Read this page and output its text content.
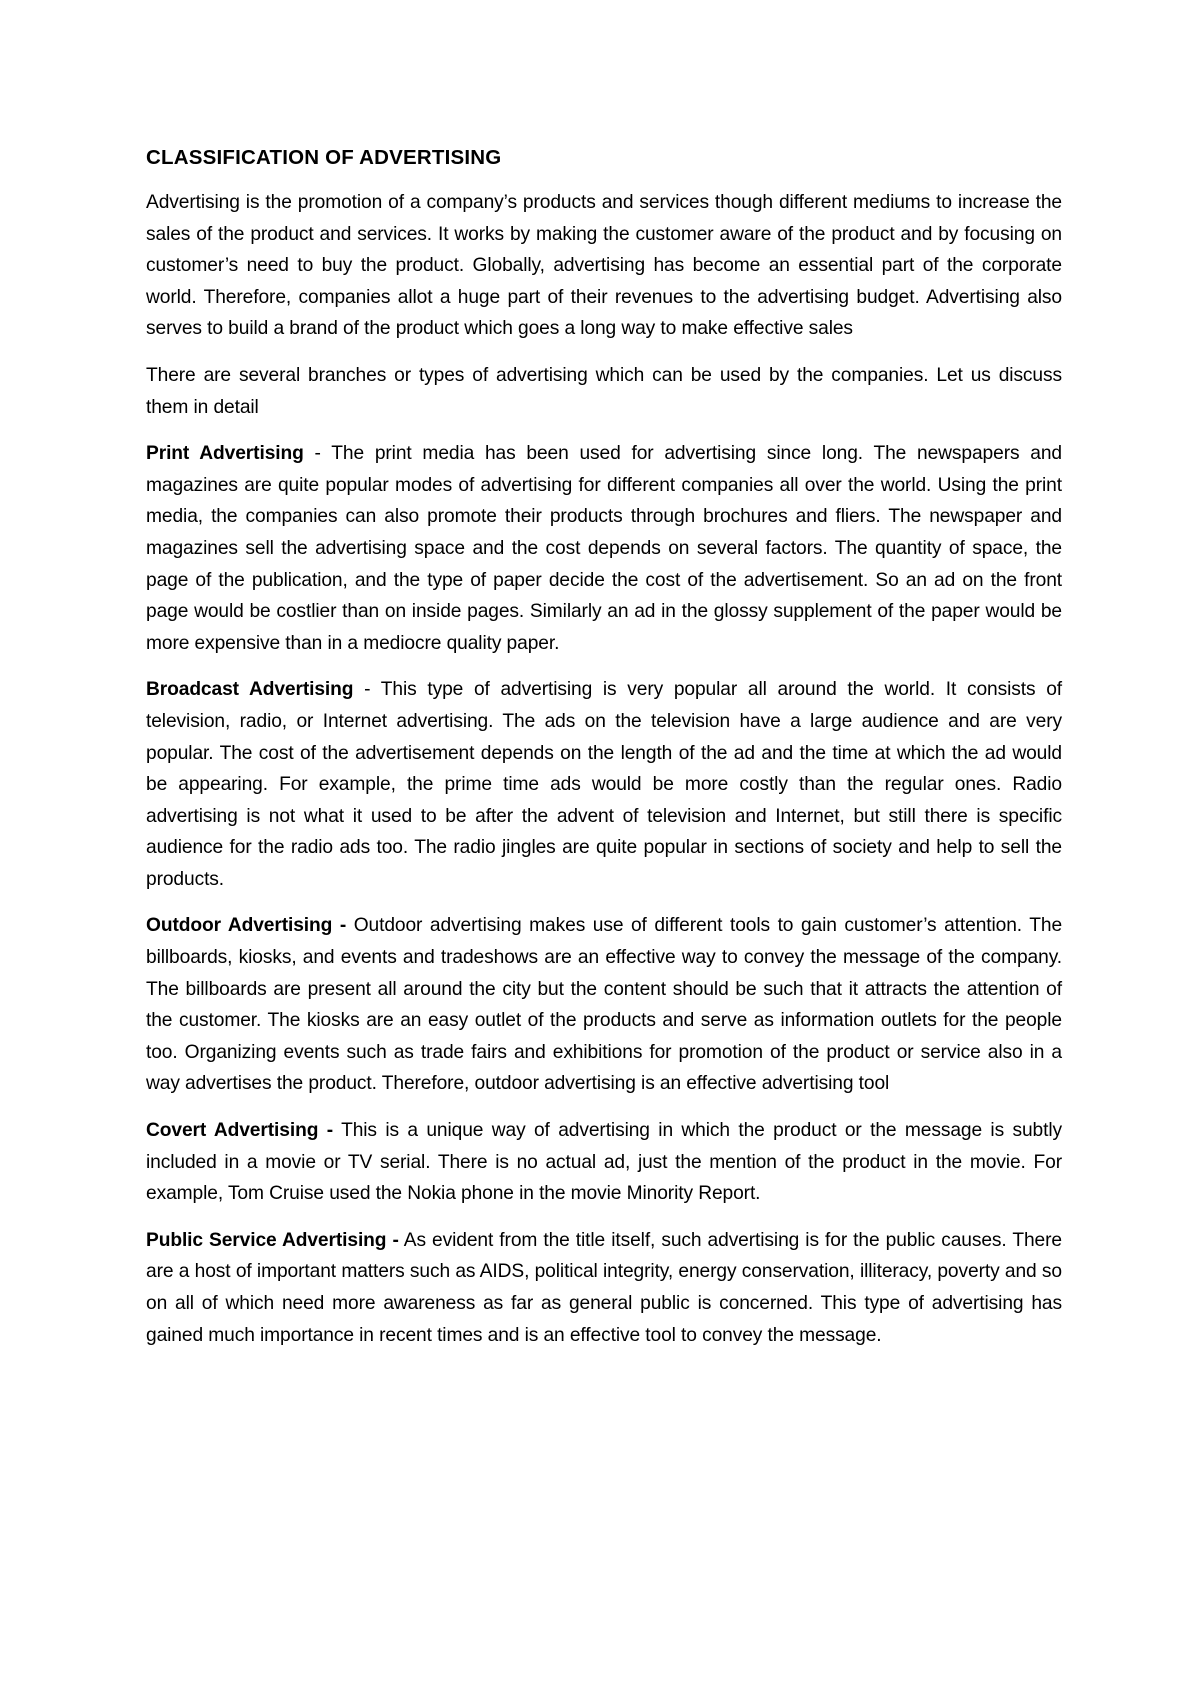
CLASSIFICATION OF ADVERTISING

Advertising is the promotion of a company’s products and services though different mediums to increase the sales of the product and services. It works by making the customer aware of the product and by focusing on customer’s need to buy the product. Globally, advertising has become an essential part of the corporate world. Therefore, companies allot a huge part of their revenues to the advertising budget. Advertising also serves to build a brand of the product which goes a long way to make effective sales

There are several branches or types of advertising which can be used by the companies. Let us discuss them in detail

Print Advertising - The print media has been used for advertising since long. The newspapers and magazines are quite popular modes of advertising for different companies all over the world. Using the print media, the companies can also promote their products through brochures and fliers. The newspaper and magazines sell the advertising space and the cost depends on several factors. The quantity of space, the page of the publication, and the type of paper decide the cost of the advertisement. So an ad on the front page would be costlier than on inside pages. Similarly an ad in the glossy supplement of the paper would be more expensive than in a mediocre quality paper.

Broadcast Advertising - This type of advertising is very popular all around the world. It consists of television, radio, or Internet advertising. The ads on the television have a large audience and are very popular. The cost of the advertisement depends on the length of the ad and the time at which the ad would be appearing. For example, the prime time ads would be more costly than the regular ones. Radio advertising is not what it used to be after the advent of television and Internet, but still there is specific audience for the radio ads too. The radio jingles are quite popular in sections of society and help to sell the products.

Outdoor Advertising - Outdoor advertising makes use of different tools to gain customer’s attention. The billboards, kiosks, and events and tradeshows are an effective way to convey the message of the company. The billboards are present all around the city but the content should be such that it attracts the attention of the customer. The kiosks are an easy outlet of the products and serve as information outlets for the people too. Organizing events such as trade fairs and exhibitions for promotion of the product or service also in a way advertises the product. Therefore, outdoor advertising is an effective advertising tool

Covert Advertising - This is a unique way of advertising in which the product or the message is subtly included in a movie or TV serial. There is no actual ad, just the mention of the product in the movie. For example, Tom Cruise used the Nokia phone in the movie Minority Report.

Public Service Advertising - As evident from the title itself, such advertising is for the public causes. There are a host of important matters such as AIDS, political integrity, energy conservation, illiteracy, poverty and so on all of which need more awareness as far as general public is concerned. This type of advertising has gained much importance in recent times and is an effective tool to convey the message.
